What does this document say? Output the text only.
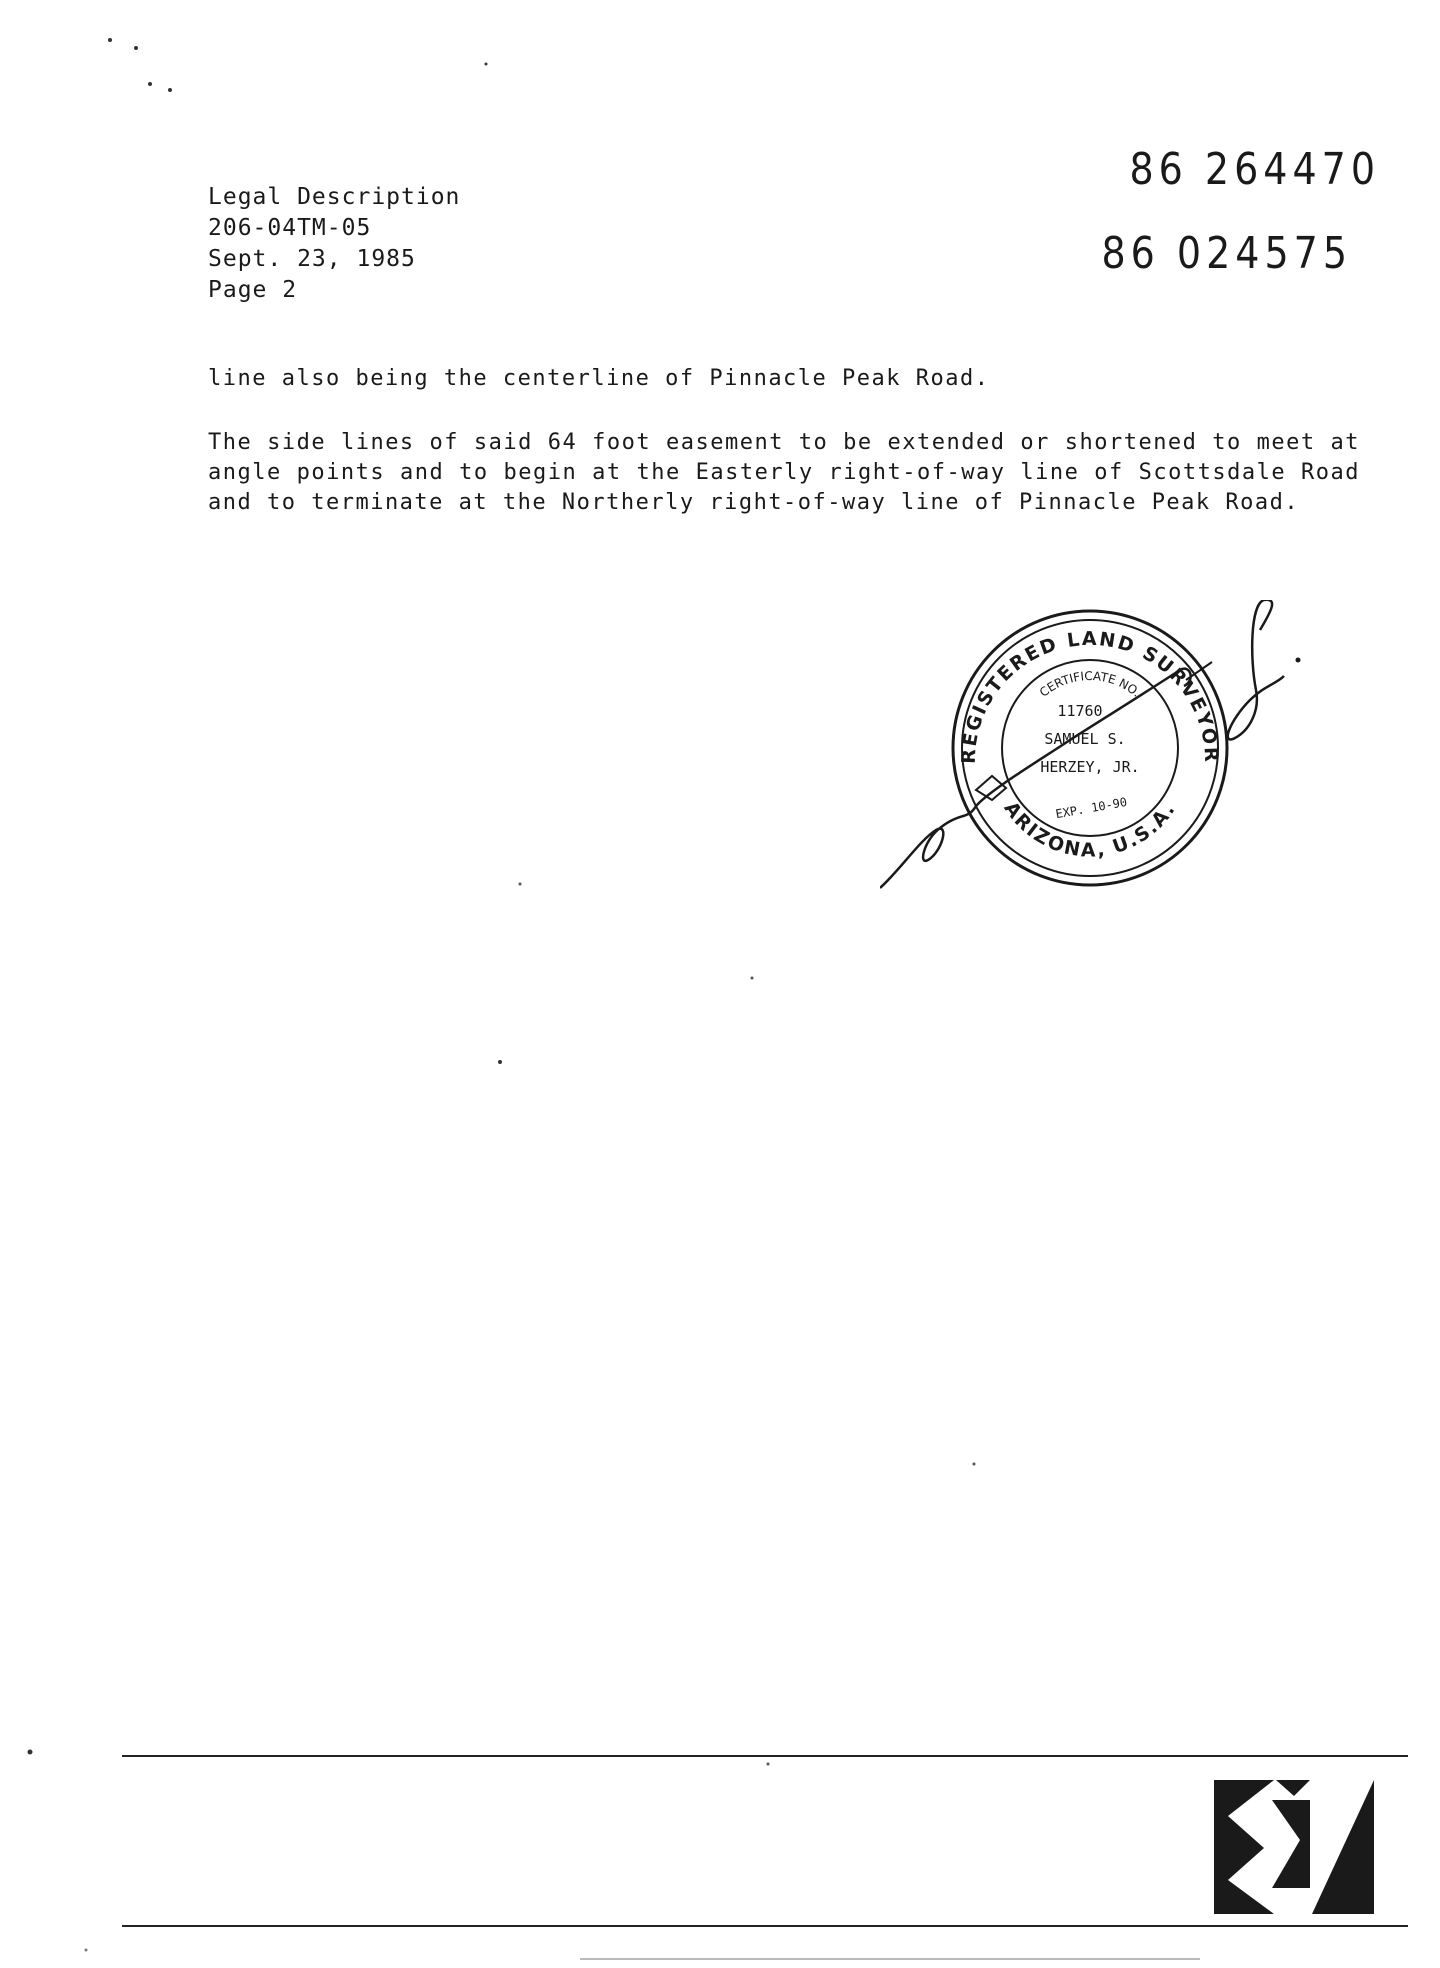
Legal Description
206-04TM-05
Sept. 23, 1985
Page 2
86 264470
86 024575
line also being the centerline of Pinnacle Peak Road.
The side lines of said 64 foot easement to be extended or shortened to meet at angle points and to begin at the Easterly right-of-way line of Scottsdale Road and to terminate at the Northerly right-of-way line of Pinnacle Peak Road.
REGISTERED LAND SURVEYOR
ARIZONA, U.S.A.
CERTIFICATE NO.
11760
SAMUEL S.
HERZEY, JR.
EXP. 10-90
